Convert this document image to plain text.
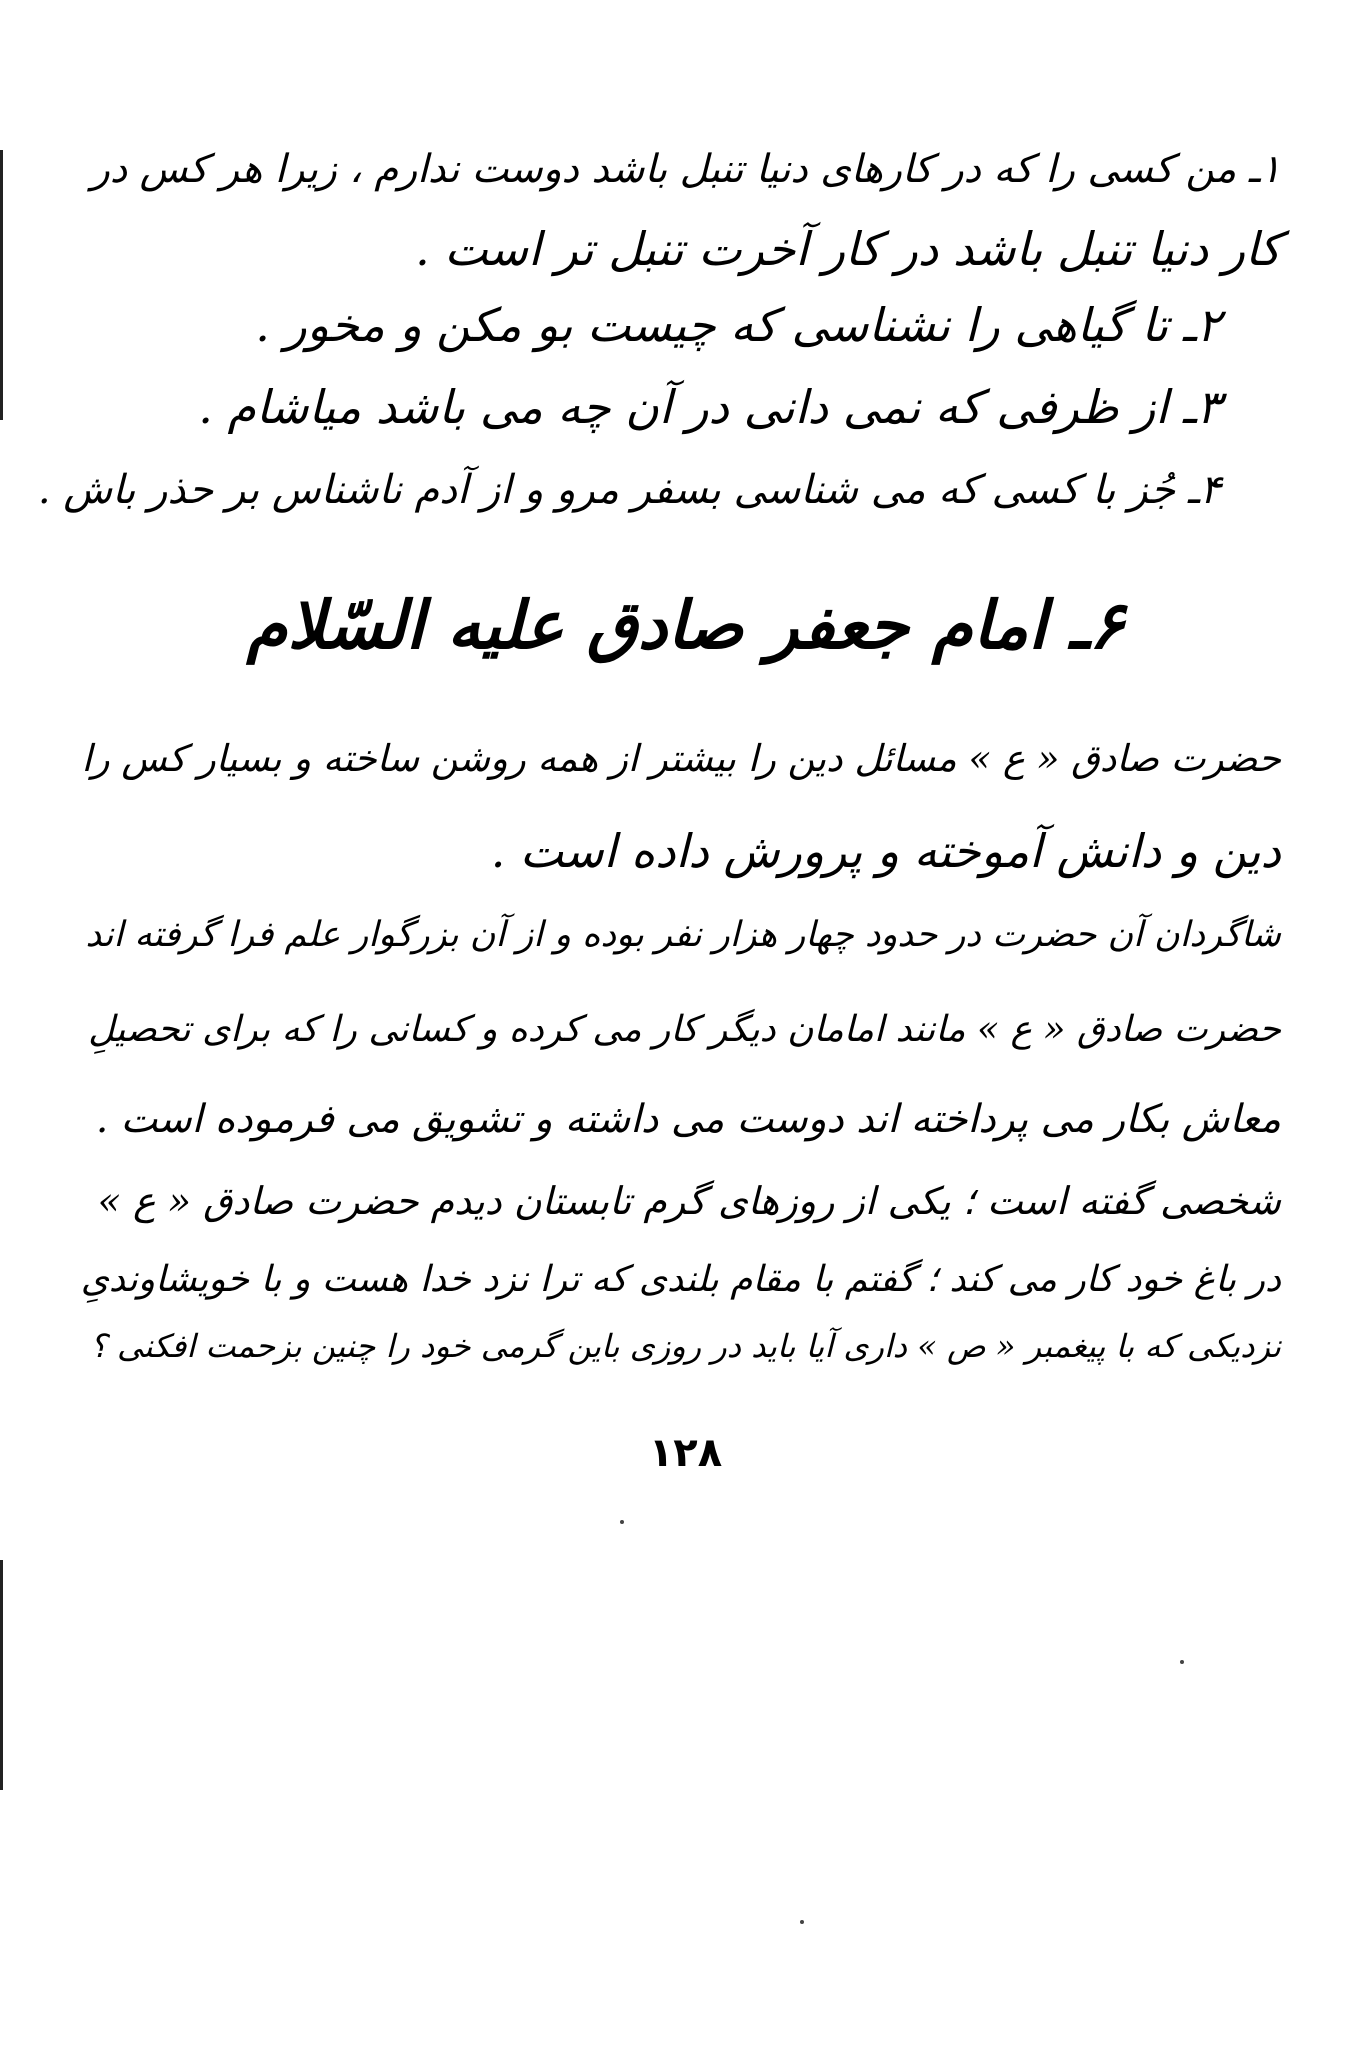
۱ـ من کسی را که در کارهای دنیا تنبل باشد دوست ندارم ، زیرا هر کس در
کار دنیا تنبل باشد در کار آخرت تنبل تر است .
۲ـ تا گیاهی را نشناسی که چیست بو مکن و مخور .
۳ـ از ظرفی که نمی دانی در آن چه می باشد میاشام .
۴ـ جُز با کسی که می شناسی بسفر مرو و از آدم ناشناس بر حذر باش .
۶ـ امام جعفر صادق علیه السّلام
حضرت صادق « ع » مسائل دین را بیشتر از همه روشن ساخته و بسیار کس را
دین و دانش آموخته و پرورش داده است .
شاگردان آن حضرت در حدود چهار هزار نفر بوده و از آن بزرگوار علم فرا گرفته اند
حضرت صادق « ع » مانند امامان دیگر کار می کرده و کسانی را که برای تحصیلِ
معاش بکار می پرداخته اند دوست می داشته و تشویق می فرموده است .
شخصی گفته است ؛ یکی از روزهای گرم تابستان دیدم حضرت صادق « ع »
در باغ خود کار می کند ؛ گفتم با مقام بلندی که ترا نزد خدا هست و با خویشاوندیِ
نزدیکی که با پیغمبر « ص » داری آیا باید در روزی باین گرمی خود را چنین بزحمت افکنی ؟
۱۲۸
